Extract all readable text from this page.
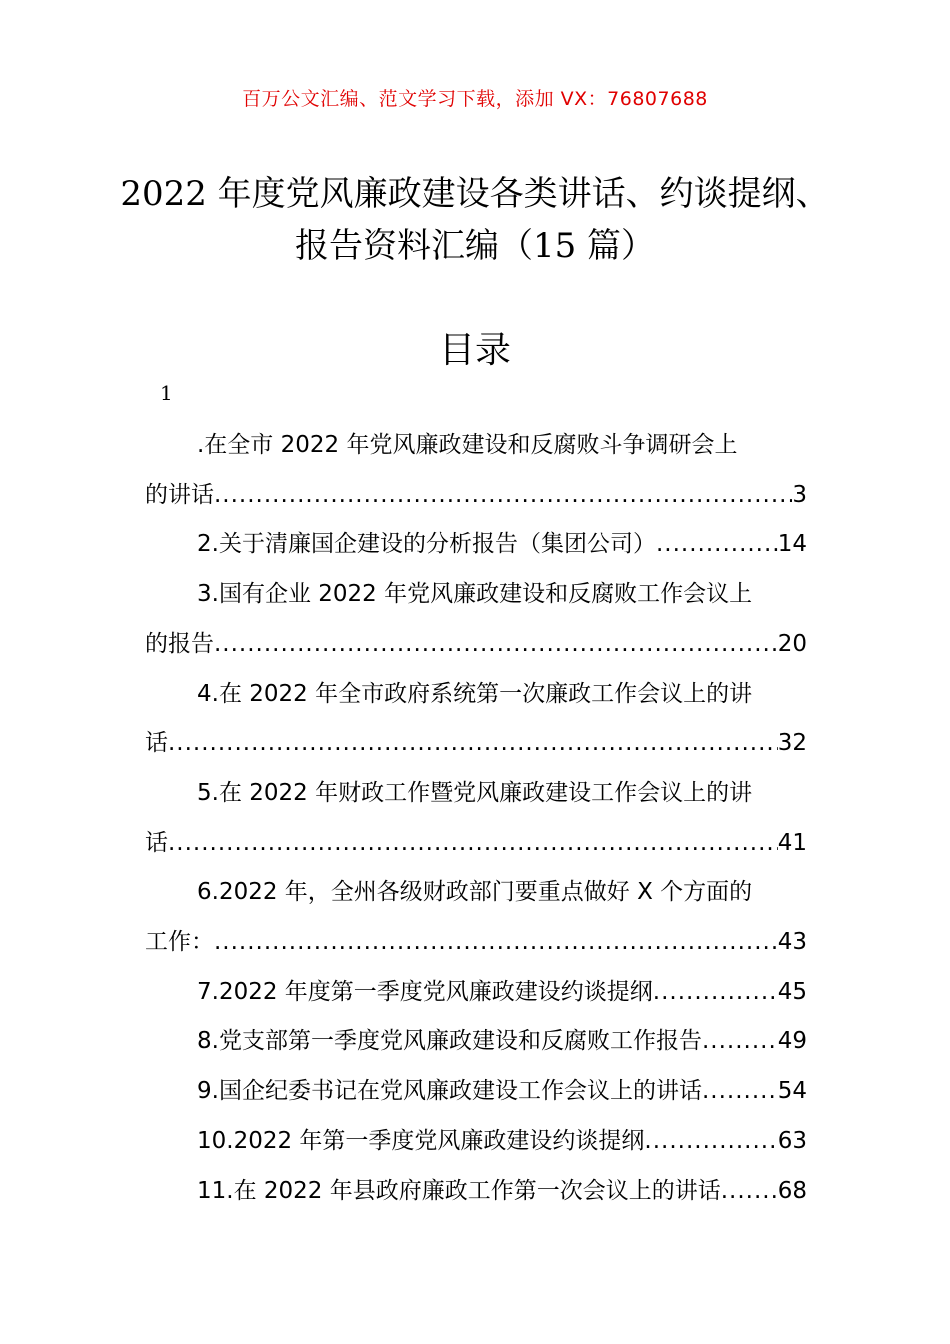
百万公文汇编、范文学习下载，添加 VX：76807688
2022 年度党风廉政建设各类讲话、约谈提纲、报告资料汇编（15 篇）
目录
1
.在全市 2022 年党风廉政建设和反腐败斗争调研会上
的讲话 .....	3
2.关于清廉国企建设的分析报告（集团公司） .....	14
3.国有企业 2022 年党风廉政建设和反腐败工作会议上
的报告 .....	20
4.在 2022 年全市政府系统第一次廉政工作会议上的讲
话 .....	32
5.在 2022 年财政工作暨党风廉政建设工作会议上的讲
话 .....	41
6.2022 年，全州各级财政部门要重点做好 X 个方面的
工作： .....	43
7.2022 年度第一季度党风廉政建设约谈提纲 .....	45
8.党支部第一季度党风廉政建设和反腐败工作报告 .....	49
9.国企纪委书记在党风廉政建设工作会议上的讲话 .....	54
10.2022 年第一季度党风廉政建设约谈提纲 .....	63
11.在 2022 年县政府廉政工作第一次会议上的讲话 ..... 68
